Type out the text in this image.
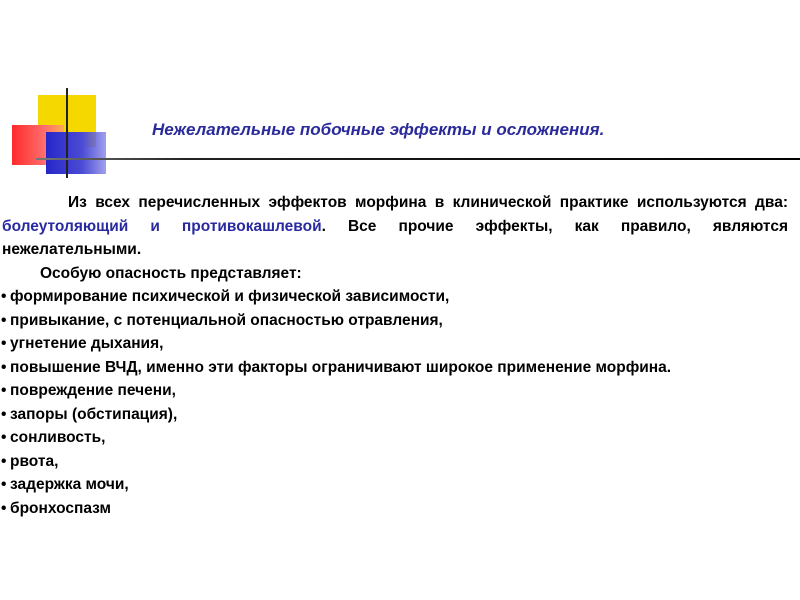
Нежелательные побочные эффекты и осложнения.

Из всех перечисленных эффектов морфина в клинической практике используются два: болеутоляющий и противокашлевой. Все прочие эффекты, как правило, являются нежелательными.

Особую опасность представляет:

• формирование психической и физической зависимости,
• привыкание, с потенциальной опасностью отравления,
• угнетение дыхания,
• повышение ВЧД, именно эти факторы ограничивают широкое применение морфина.
• повреждение печени,
• запоры (обстипация),
• сонливость,
• рвота,
• задержка мочи,
• бронхоспазм
